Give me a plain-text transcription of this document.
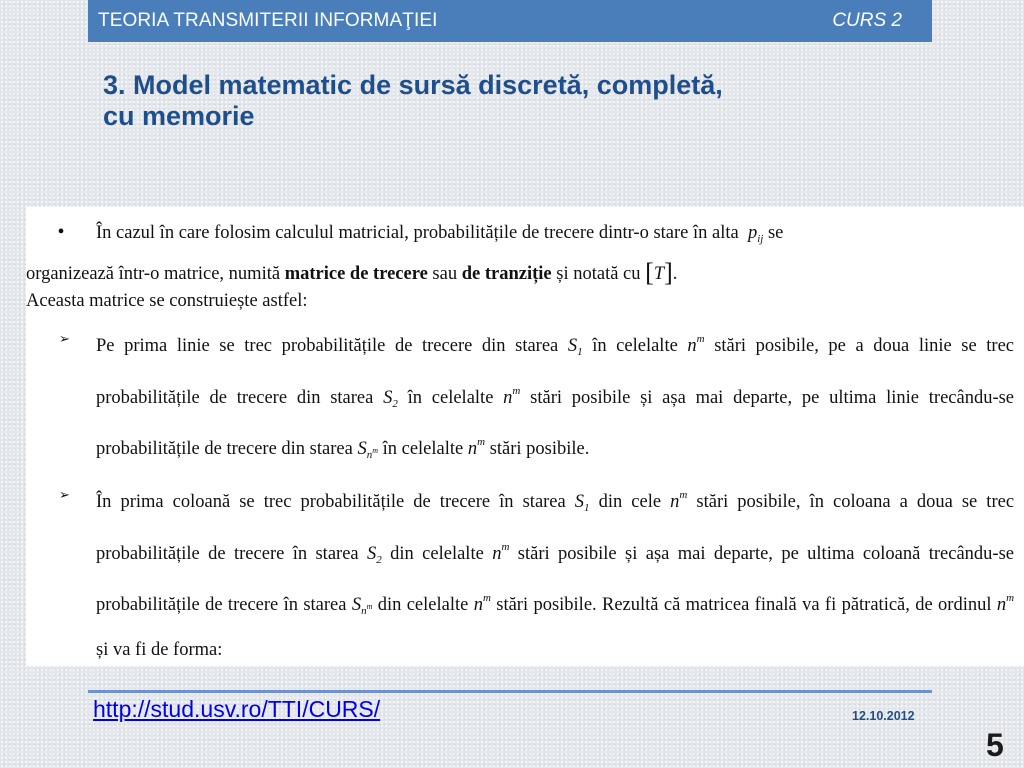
TEORIA TRANSMITERII INFORMAŢIEI	CURS 2
3. Model matematic de sursă discretă, completă,
cu memorie

• În cazul în care folosim calculul matricial, probabilitățile de trecere dintr-o stare în alta $p_{ij}$ se
organizează într-o matrice, numită matrice de trecere sau de tranziție și notată cu [T].

Aceasta matrice se construiește astfel:

➢ Pe prima linie se trec probabilitățile de trecere din starea $S_1$ în celelalte $n^m$ stări posibile, pe a doua linie se trec probabilitățile de trecere din starea $S_2$ în celelalte $n^m$ stări posibile și așa mai departe, pe ultima linie trecându-se probabilitățile de trecere din starea $S_{n^m}$ în celelalte $n^m$ stări posibile.

➢ În prima coloană se trec probabilitățile de trecere în starea $S_1$ din cele $n^m$ stări posibile, în coloana a doua se trec probabilitățile de trecere în starea $S_2$ din celelalte $n^m$ stări posibile și așa mai departe, pe ultima coloană trecându-se probabilitățile de trecere în starea $S_{n^m}$ din celelalte $n^m$ stări posibile. Rezultă că matricea finală va fi pătratică, de ordinul $n^m$ și va fi de forma:

http://stud.usv.ro/TTI/CURS/	12.10.2012
5
